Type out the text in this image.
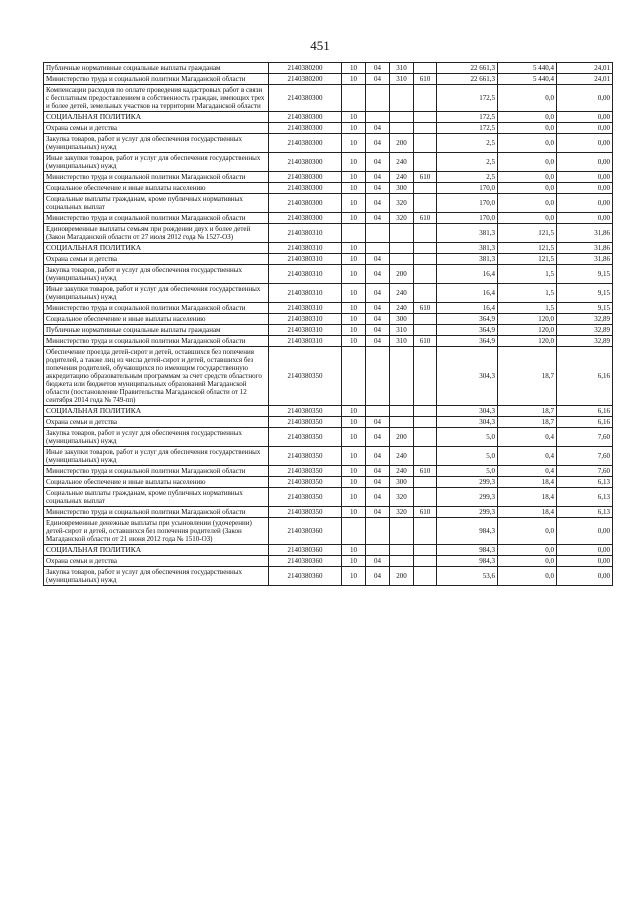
451
Публичные нормативные социальные выплаты гражданам	2140380200	10	04	310		22 661,3	5 440,4	24,01
Министерство труда и социальной политики Магаданской области	2140380200	10	04	310	610	22 661,3	5 440,4	24,01
Компенсации расходов по оплате проведения кадастровых работ в связи с бесплатным предоставлением в собственность граждан, имеющих трех и более детей, земельных участков на территории Магаданской области	2140380300					172,5	0,0	0,00
СОЦИАЛЬНАЯ ПОЛИТИКА	2140380300	10				172,5	0,0	0,00
Охрана семьи и детства	2140380300	10	04			172,5	0,0	0,00
Закупка товаров, работ и услуг для обеспечения государственных (муниципальных) нужд	2140380300	10	04	200		2,5	0,0	0,00
Иные закупки товаров, работ и услуг для обеспечения государственных (муниципальных) нужд	2140380300	10	04	240		2,5	0,0	0,00
Министерство труда и социальной политики Магаданской области	2140380300	10	04	240	610	2,5	0,0	0,00
Социальное обеспечение и иные выплаты населению	2140380300	10	04	300		170,0	0,0	0,00
Социальные выплаты гражданам, кроме публичных нормативных социальных выплат	2140380300	10	04	320		170,0	0,0	0,00
Министерство труда и социальной политики Магаданской области	2140380300	10	04	320	610	170,0	0,0	0,00
Единовременные выплаты семьям при рождении двух и более детей (Закон Магаданской области от 27 июля 2012 года № 1527-ОЗ)	2140380310					381,3	121,5	31,86
СОЦИАЛЬНАЯ ПОЛИТИКА	2140380310	10				381,3	121,5	31,86
Охрана семьи и детства	2140380310	10	04			381,3	121,5	31,86
Закупка товаров, работ и услуг для обеспечения государственных (муниципальных) нужд	2140380310	10	04	200		16,4	1,5	9,15
Иные закупки товаров, работ и услуг для обеспечения государственных (муниципальных) нужд	2140380310	10	04	240		16,4	1,5	9,15
Министерство труда и социальной политики Магаданской области	2140380310	10	04	240	610	16,4	1,5	9,15
Социальное обеспечение и иные выплаты населению	2140380310	10	04	300		364,9	120,0	32,89
Публичные нормативные социальные выплаты гражданам	2140380310	10	04	310		364,9	120,0	32,89
Министерство труда и социальной политики Магаданской области	2140380310	10	04	310	610	364,9	120,0	32,89
Обеспечение проезда детей-сирот и детей, оставшихся без попечения родителей, а также лиц из числа детей-сирот и детей, оставшихся без попечения родителей, обучающихся по имеющим государственную аккредитацию образовательным программам за счет средств областного бюджета или бюджетов муниципальных образований Магаданской области (постановление Правительства Магаданской области от 12 сентября 2014 года № 749-пп)	2140380350					304,3	18,7	6,16
СОЦИАЛЬНАЯ ПОЛИТИКА	2140380350	10				304,3	18,7	6,16
Охрана семьи и детства	2140380350	10	04			304,3	18,7	6,16
Закупка товаров, работ и услуг для обеспечения государственных (муниципальных) нужд	2140380350	10	04	200		5,0	0,4	7,60
Иные закупки товаров, работ и услуг для обеспечения государственных (муниципальных) нужд	2140380350	10	04	240		5,0	0,4	7,60
Министерство труда и социальной политики Магаданской области	2140380350	10	04	240	610	5,0	0,4	7,60
Социальное обеспечение и иные выплаты населению	2140380350	10	04	300		299,3	18,4	6,13
Социальные выплаты гражданам, кроме публичных нормативных социальных выплат	2140380350	10	04	320		299,3	18,4	6,13
Министерство труда и социальной политики Магаданской области	2140380350	10	04	320	610	299,3	18,4	6,13
Единовременные денежные выплаты при усыновлении (удочерении) детей-сирот и детей, оставшихся без попечения родителей (Закон Магаданской области от 21 июня 2012 года № 1510-ОЗ)	2140380360					984,3	0,0	0,00
СОЦИАЛЬНАЯ ПОЛИТИКА	2140380360	10				984,3	0,0	0,00
Охрана семьи и детства	2140380360	10	04			984,3	0,0	0,00
Закупка товаров, работ и услуг для обеспечения государственных (муниципальных) нужд	2140380360	10	04	200		53,6	0,0	0,00
